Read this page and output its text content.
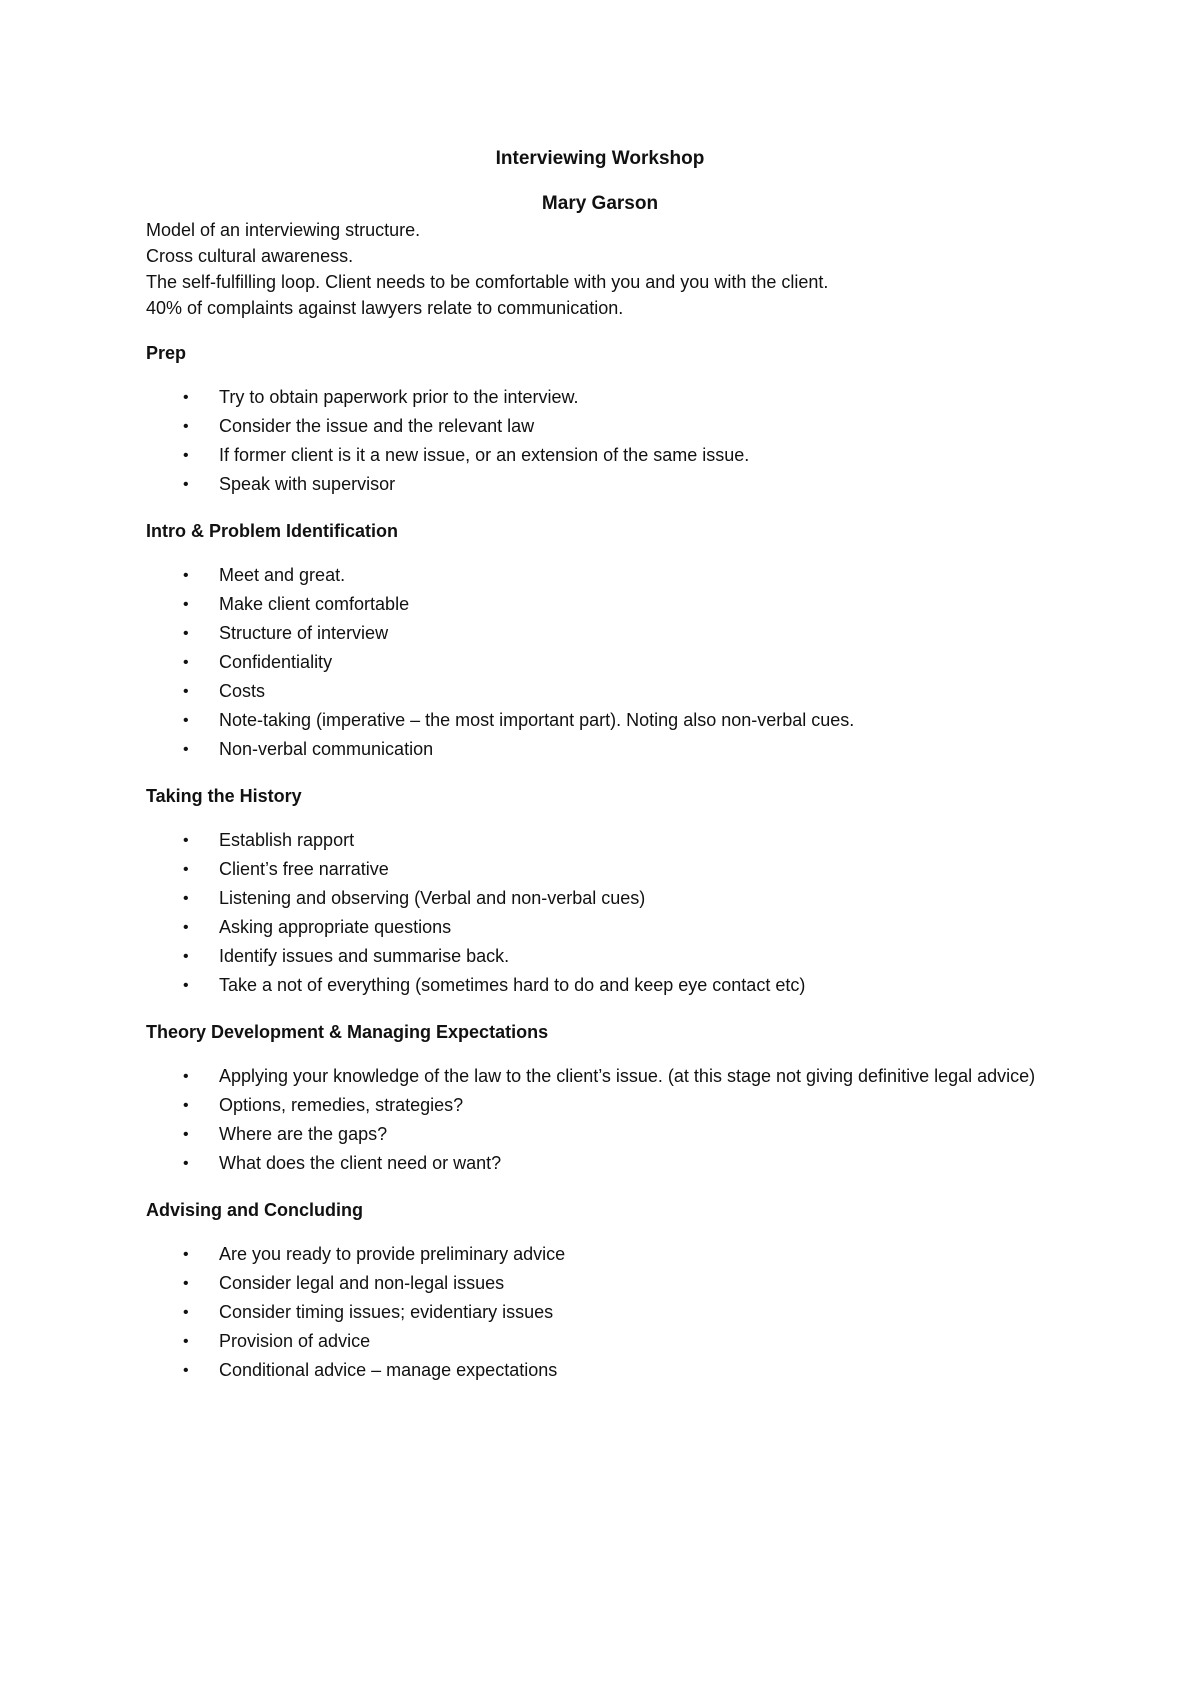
Interviewing Workshop
Mary Garson

Model of an interviewing structure.

Cross cultural awareness.

The self-fulfilling loop. Client needs to be comfortable with you and you with the client.

40% of complaints against lawyers relate to communication.

Prep
• Try to obtain paperwork prior to the interview.
• Consider the issue and the relevant law
• If former client is it a new issue, or an extension of the same issue.
• Speak with supervisor
Intro & Problem Identification
• Meet and great.
• Make client comfortable
• Structure of interview
• Confidentiality
• Costs
• Note-taking (imperative – the most important part). Noting also non-verbal cues.
• Non-verbal communication
Taking the History
• Establish rapport
• Client’s free narrative
• Listening and observing (Verbal and non-verbal cues)
• Asking appropriate questions
• Identify issues and summarise back.
• Take a not of everything (sometimes hard to do and keep eye contact etc)
Theory Development & Managing Expectations
• Applying your knowledge of the law to the client’s issue. (at this stage not giving definitive legal advice)
• Options, remedies, strategies?
• Where are the gaps?
• What does the client need or want?
Advising and Concluding
• Are you ready to provide preliminary advice
• Consider legal and non-legal issues
• Consider timing issues; evidentiary issues
• Provision of advice
• Conditional advice – manage expectations
